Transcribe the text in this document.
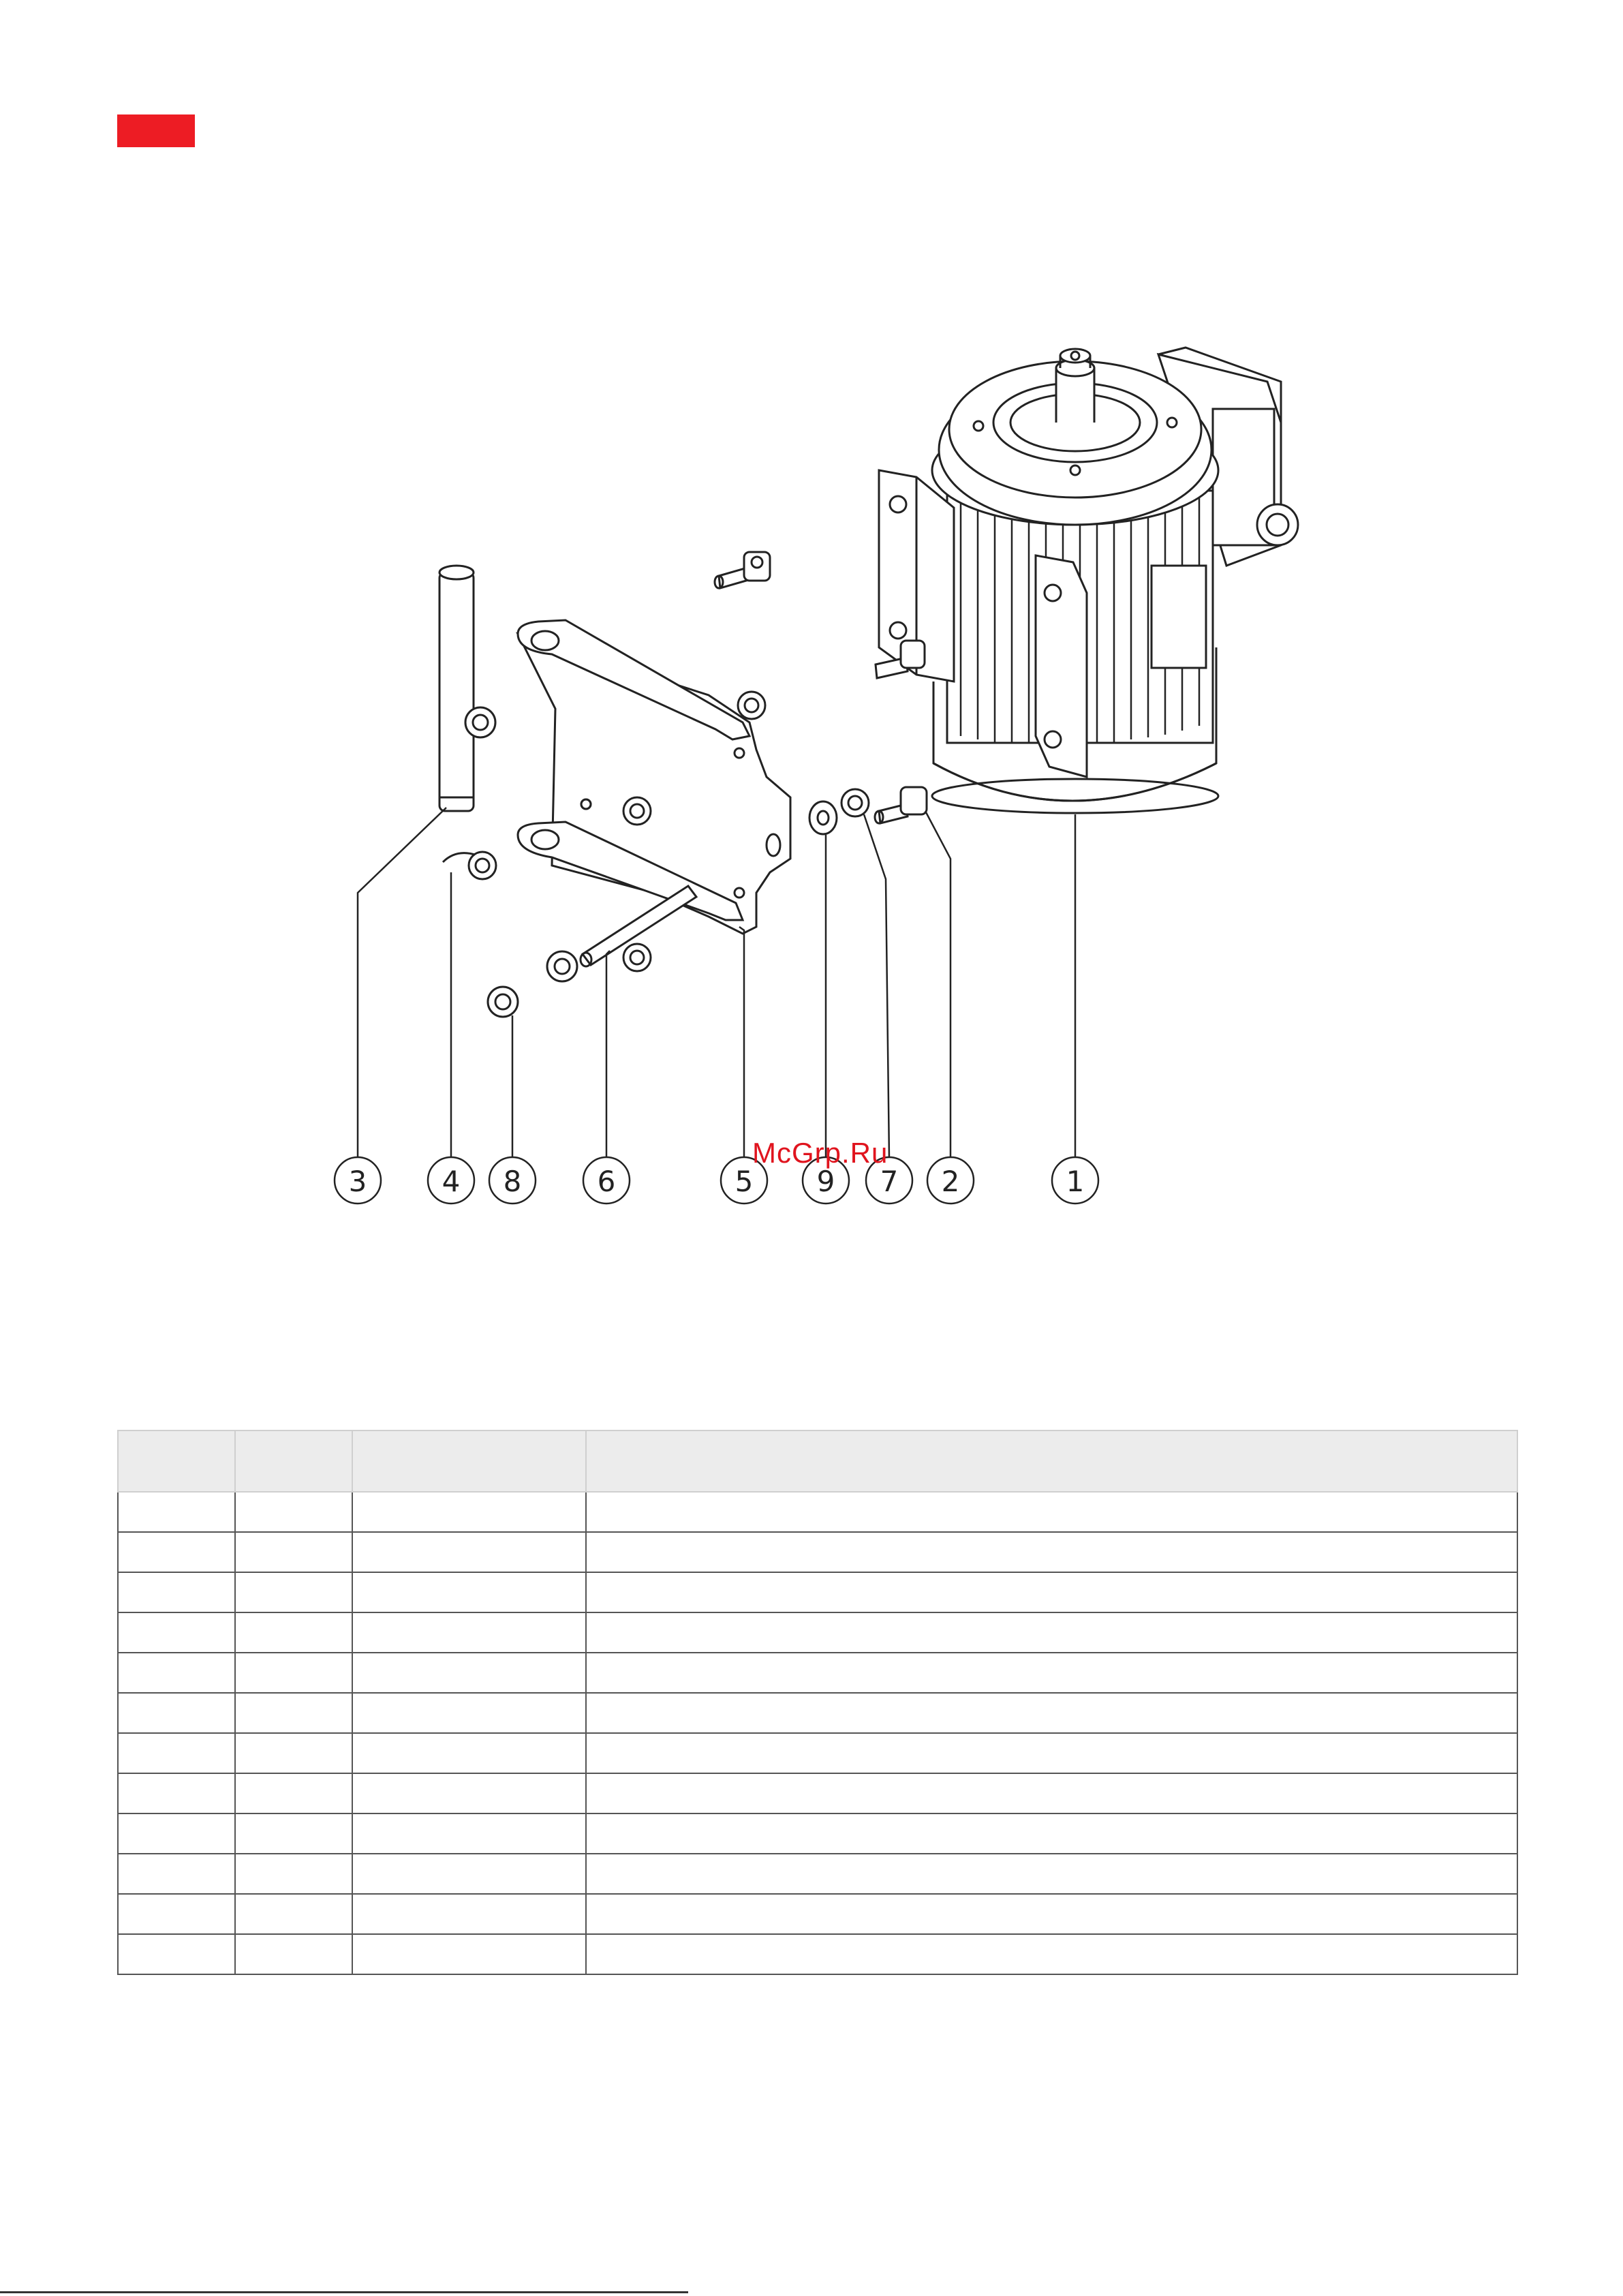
3	4 8	6	5 9 7 2	1
McGrp.Ru
